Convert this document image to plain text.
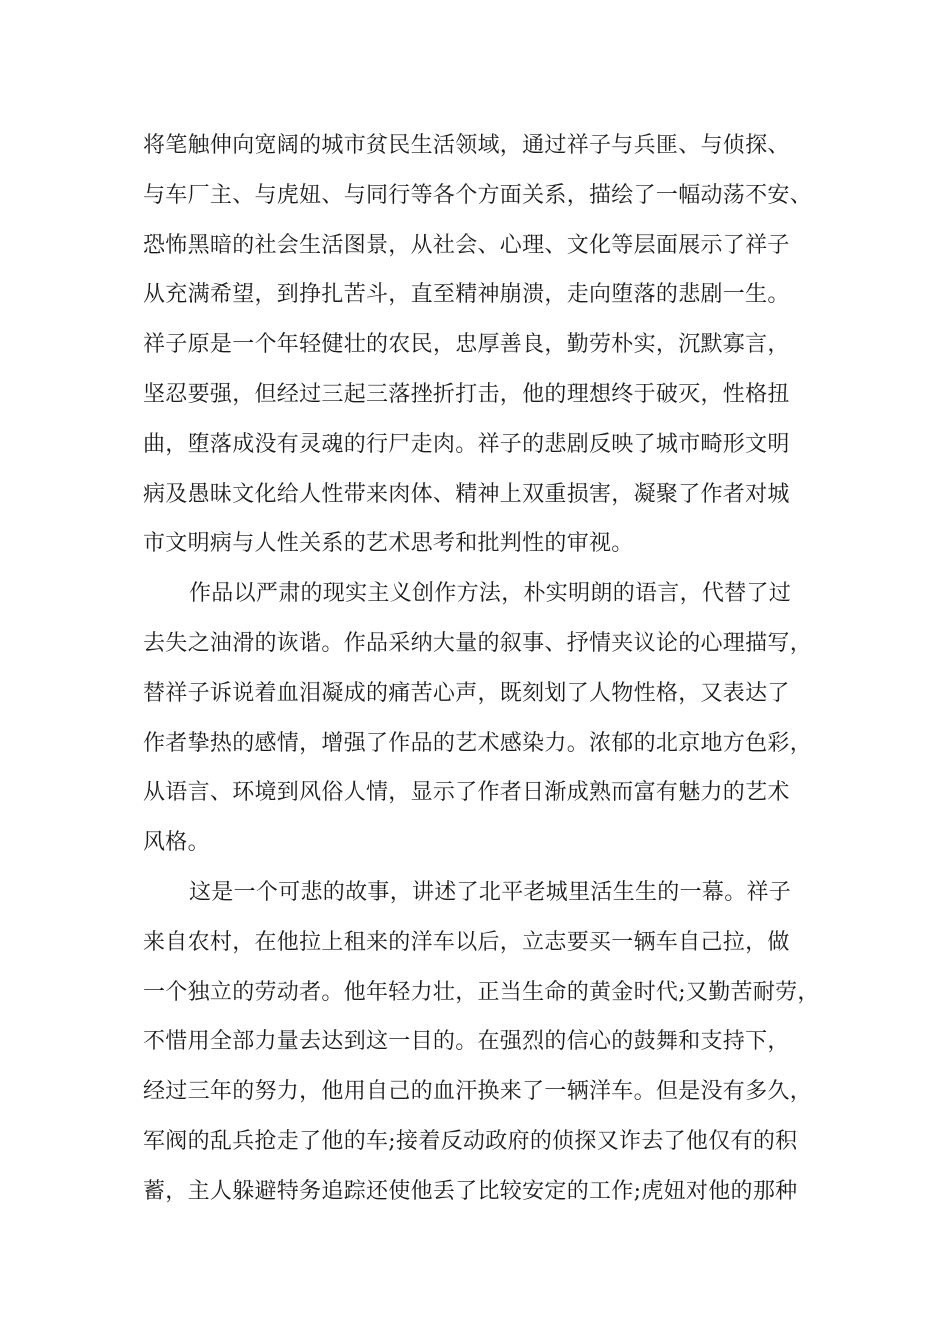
将笔触伸向宽阔的城市贫民生活领域，通过祥子与兵匪、与侦探、
与车厂主、与虎妞、与同行等各个方面关系，描绘了一幅动荡不安、
恐怖黑暗的社会生活图景，从社会、心理、文化等层面展示了祥子
从充满希望，到挣扎苦斗，直至精神崩溃，走向堕落的悲剧一生。
祥子原是一个年轻健壮的农民，忠厚善良，勤劳朴实，沉默寡言，
坚忍要强，但经过三起三落挫折打击，他的理想终于破灭，性格扭
曲，堕落成没有灵魂的行尸走肉。祥子的悲剧反映了城市畸形文明
病及愚昧文化给人性带来肉体、精神上双重损害，凝聚了作者对城
市文明病与人性关系的艺术思考和批判性的审视。
作品以严肃的现实主义创作方法，朴实明朗的语言，代替了过
去失之油滑的诙谐。作品采纳大量的叙事、抒情夹议论的心理描写，
替祥子诉说着血泪凝成的痛苦心声，既刻划了人物性格，又表达了
作者挚热的感情，增强了作品的艺术感染力。浓郁的北京地方色彩，
从语言、环境到风俗人情，显示了作者日渐成熟而富有魅力的艺术
风格。
这是一个可悲的故事，讲述了北平老城里活生生的一幕。祥子
来自农村，在他拉上租来的洋车以后，立志要买一辆车自己拉，做
一个独立的劳动者。他年轻力壮，正当生命的黄金时代;又勤苦耐劳，
不惜用全部力量去达到这一目的。在强烈的信心的鼓舞和支持下，
经过三年的努力，他用自己的血汗换来了一辆洋车。但是没有多久，
军阀的乱兵抢走了他的车;接着反动政府的侦探又诈去了他仅有的积
蓄，主人躲避特务追踪还使他丢了比较安定的工作;虎妞对他的那种
